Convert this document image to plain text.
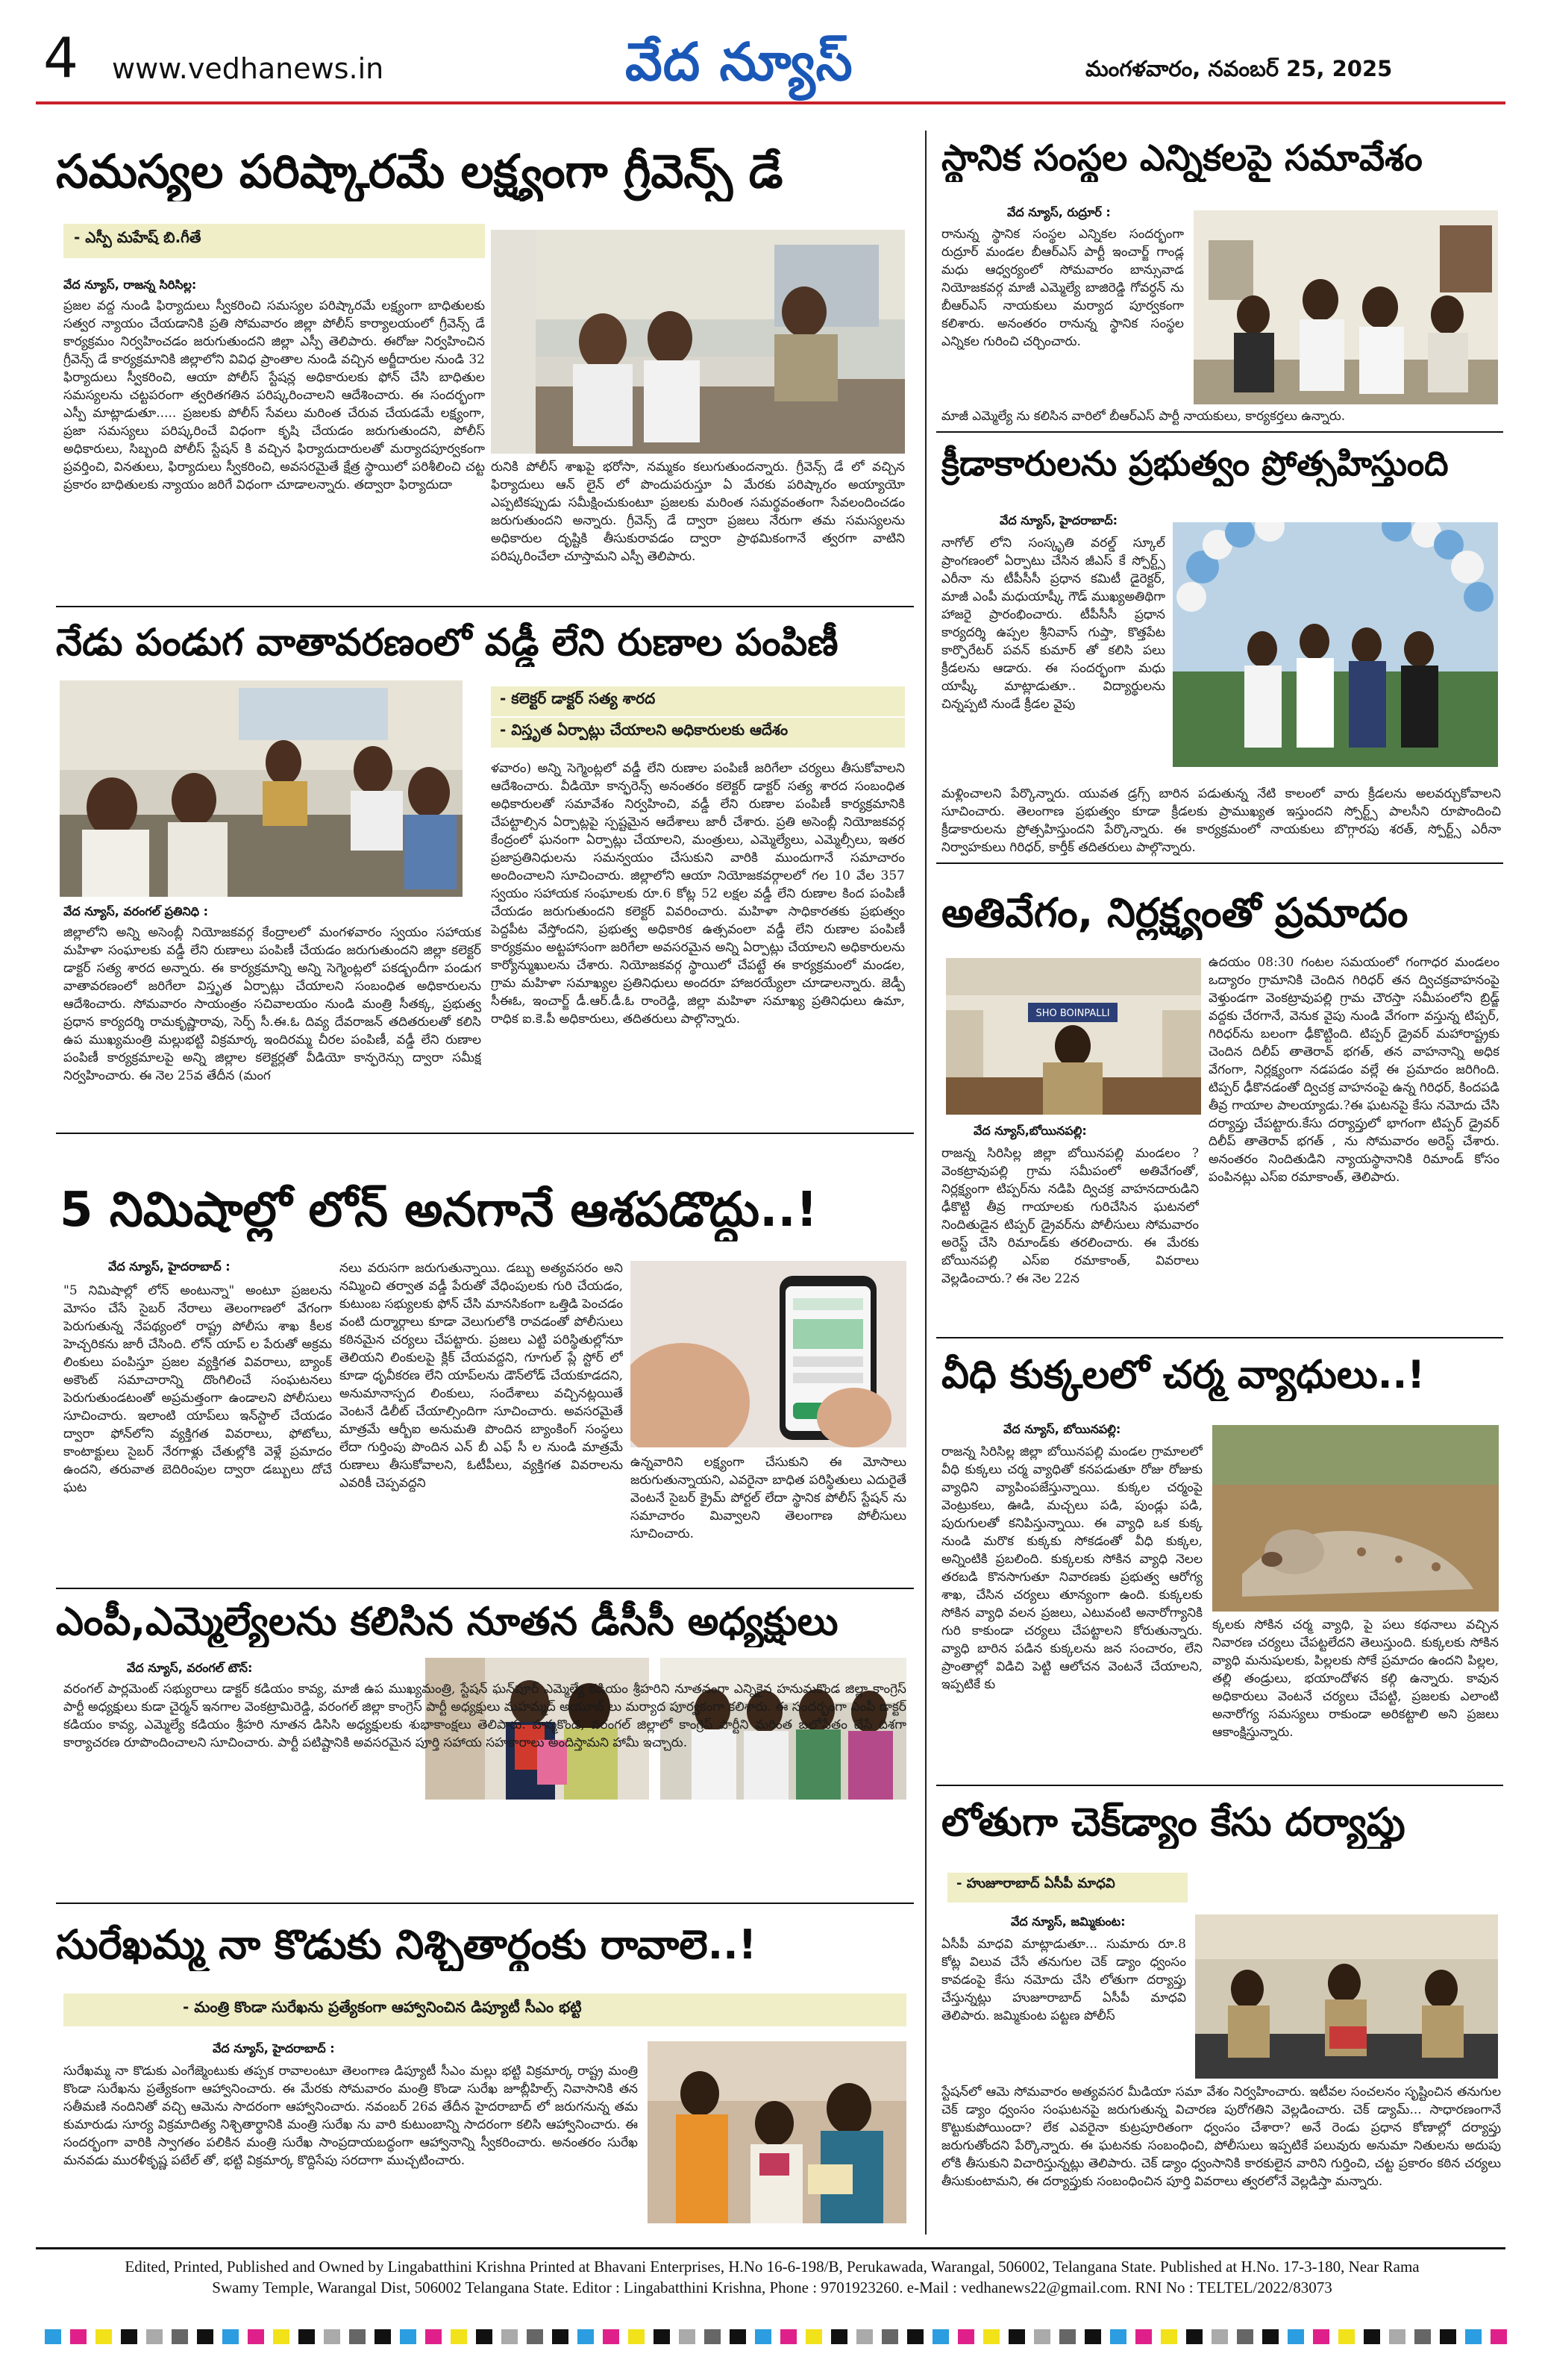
4 www.vedhanews.in	వేద న్యూస్	మంగళవారం, నవంబర్ 25, 2025
సమస్యల పరిష్కారమే లక్ష్యంగా గ్రీవెన్స్ డే
- ఎస్పీ మహేష్ బి.గీతే
వేద న్యూస్, రాజన్న సిరిసిల్ల:
ప్రజల వద్ద నుండి ఫిర్యాదులు స్వీకరించి సమస్యల పరిష్కారమే లక్ష్యంగా బాధితులకు సత్వర న్యాయం చేయడానికి ప్రతి సోమవారం జిల్లా పోలీస్ కార్యాలయంలో గ్రీవెన్స్ డే కార్యక్రమం నిర్వహించడం జరుగుతుందని జిల్లా ఎస్పీ తెలిపారు. ఈరోజు నిర్వహించిన గ్రీవెన్స్ డే కార్యక్రమానికి జిల్లాలోని వివిధ ప్రాంతాల నుండి వచ్చిన అర్జీదారుల నుండి 32 ఫిర్యాదులు స్వీకరించి, ఆయా పోలీస్ స్టేషన్ల అధికారులకు ఫోన్ చేసి బాధితుల సమస్యలను చట్టపరంగా త్వరితగతిన పరిష్కరించాలని ఆదేశించారు. ఈ సందర్భంగా ఎస్పీ మాట్లాడుతూ..... ప్రజలకు పోలీస్ సేవలు మరింత చేరువ చేయడమే లక్ష్యంగా, ప్రజా సమస్యలు పరిష్కరించే విధంగా కృషి చేయడం జరుగుతుందని, పోలీస్ అధికారులు, సిబ్బంది పోలీస్ స్టేషన్ కి వచ్చిన ఫిర్యాదుదారులతో మర్యాదపూర్వకంగా ప్రవర్తించి, వినతులు, ఫిర్యాదులు స్వీకరించి, అవసరమైతే క్షేత్ర స్థాయిలో పరిశీలించి చట్ట ప్రకారం బాధితులకు న్యాయం జరిగే విధంగా చూడాలన్నారు. తద్వారా ఫిర్యాదుదా
రునికి పోలీస్ శాఖపై భరోసా, నమ్మకం కలుగుతుందన్నారు. గ్రీవెన్స్ డే లో వచ్చిన ఫిర్యాదులు ఆన్ లైన్ లో పొందుపరుస్తూ ఏ మేరకు పరిష్కారం అయ్యాయో ఎప్పటికప్పుడు సమీక్షించుకుంటూ ప్రజలకు మరింత సమర్థవంతంగా సేవలందించడం జరుగుతుందని అన్నారు. గ్రీవెన్స్ డే ద్వారా ప్రజలు నేరుగా తమ సమస్యలను అధికారుల దృష్టికి తీసుకురావడం ద్వారా ప్రాథమికంగానే త్వరగా వాటిని పరిష్కరించేలా చూస్తామని ఎస్పీ తెలిపారు.
నేడు పండుగ వాతావరణంలో వడ్డీ లేని రుణాల పంపిణీ
- కలెక్టర్ డాక్టర్ సత్య శారద
- విస్తృత ఏర్పాట్లు చేయాలని అధికారులకు ఆదేశం
ళవారం) అన్ని సెగ్మెంట్లలో వడ్డీ లేని రుణాల పంపిణీ జరిగేలా చర్యలు తీసుకోవాలని ఆదేశించారు. వీడియో కాన్ఫరెన్స్ అనంతరం కలెక్టర్ డాక్టర్ సత్య శారద సంబంధిత అధికారులతో సమావేశం నిర్వహించి, వడ్డీ లేని రుణాల పంపిణీ కార్యక్రమానికి చేపట్టాల్సిన ఏర్పాట్లపై స్పష్టమైన ఆదేశాలు జారీ చేశారు. ప్రతి అసెంబ్లీ నియోజకవర్గ కేంద్రంలో ఘనంగా ఏర్పాట్లు చేయాలని, మంత్రులు, ఎమ్మెల్యేలు, ఎమ్మెల్సీలు, ఇతర ప్రజాప్రతినిధులను సమన్వయం చేసుకుని వారికి ముందుగానే సమాచారం అందించాలని సూచించారు. జిల్లాలోని ఆయా నియోజకవర్గాలలో గల 10 వేల 357 స్వయం సహాయక సంఘాలకు రూ.6 కోట్ల 52 లక్షల వడ్డీ లేని రుణాల కింద పంపిణీ చేయడం జరుగుతుందని కలెక్టర్ వివరించారు. మహిళా సాధికారతకు ప్రభుత్వం పెద్దపీట వేస్తోందని, ప్రభుత్వ అధికారిక ఉత్సవంలా వడ్డీ లేని రుణాల పంపిణీ కార్యక్రమం అట్టహాసంగా జరిగేలా అవసరమైన అన్ని ఏర్పాట్లు చేయాలని అధికారులను కార్యోన్ముఖులను చేశారు. నియోజకవర్గ స్థాయిలో చేపట్టే ఈ కార్యక్రమంలో మండల, గ్రామ మహిళా సమాఖ్యల ప్రతినిధులు అందరూ హాజరయ్యేలా చూడాలన్నారు. జెడ్పీ సీఈఓ, ఇంచార్జ్ డీ.ఆర్.డీ.ఓ రాంరెడ్డి, జిల్లా మహిళా సమాఖ్య ప్రతినిధులు ఉమా, రాధిక ఐ.కె.పీ అధికారులు, తదితరులు పాల్గొన్నారు.
వేద న్యూస్, వరంగల్ ప్రతినిధి :
జిల్లాలోని అన్ని అసెంబ్లీ నియోజకవర్గ కేంద్రాలలో మంగళవారం స్వయం సహాయక మహిళా సంఘాలకు వడ్డీ లేని రుణాలు పంపిణీ చేయడం జరుగుతుందని జిల్లా కలెక్టర్ డాక్టర్ సత్య శారద అన్నారు. ఈ కార్యక్రమాన్ని అన్ని సెగ్మెంట్లలో పకడ్బందీగా పండుగ వాతావరణంలో జరిగేలా విస్తృత ఏర్పాట్లు చేయాలని సంబంధిత అధికారులను ఆదేశించారు. సోమవారం సాయంత్రం సచివాలయం నుండి మంత్రి సీతక్క, ప్రభుత్వ ప్రధాన కార్యదర్శి రామకృష్ణారావు, సెర్ప్ సీ.ఈ.ఓ దివ్య దేవరాజన్ తదితరులతో కలిసి ఉప ముఖ్యమంత్రి మల్లుభట్టి విక్రమార్క ఇందిరమ్మ చీరల పంపిణీ, వడ్డీ లేని రుణాల పంపిణీ కార్యక్రమాలపై అన్ని జిల్లాల కలెక్టర్లతో వీడియో కాన్ఫరెన్సు ద్వారా సమీక్ష నిర్వహించారు. ఈ నెల 25వ తేదీన (మంగ
5 నిమిషాల్లో లోన్ అనగానే ఆశపడొద్దు..!
వేద న్యూస్, హైదరాబాద్ :
"5 నిమిషాల్లో లోన్ అంటున్నా" అంటూ ప్రజలను మోసం చేసే సైబర్ నేరాలు తెలంగాణలో వేగంగా పెరుగుతున్న నేపథ్యంలో రాష్ట్ర పోలీసు శాఖ కీలక హెచ్చరికను జారీ చేసింది. లోన్ యాప్ ల పేరుతో అక్రమ లింకులు పంపిస్తూ ప్రజల వ్యక్తిగత వివరాలు, బ్యాంక్ అకౌంట్ సమాచారాన్ని దొంగిలించే సంఘటనలు పెరుగుతుండటంతో అప్రమత్తంగా ఉండాలని పోలీసులు సూచించారు. ఇలాంటి యాప్‌లు ఇన్‌స్టాల్ చేయడం ద్వారా ఫోన్‌లోని వ్యక్తిగత వివరాలు, ఫోటోలు, కాంటాక్టులు సైబర్ నేరగాళ్లు చేతుల్లోకి వెళ్లే ప్రమాదం ఉందని, తరువాత బెదిరింపుల ద్వారా డబ్బులు దోచే ఘట
నలు వరుసగా జరుగుతున్నాయి. డబ్బు అత్యవసరం అని నమ్మించి తర్వాత వడ్డీ పేరుతో వేధింపులకు గురి చేయడం, కుటుంబ సభ్యులకు ఫోన్ చేసి మానసికంగా ఒత్తిడి పెంచడం వంటి దుర్మార్గాలు కూడా వెలుగులోకి రావడంతో పోలీసులు కఠినమైన చర్యలు చేపట్టారు. ప్రజలు ఎట్టి పరిస్థితుల్లోనూ తెలియని లింకులపై క్లిక్ చేయవద్దని, గూగుల్ ప్లే స్టోర్ లో కూడా ధృవీకరణ లేని యాప్‌లను డౌన్‌లోడ్ చేయకూడదని, అనుమానాస్పద లింకులు, సందేశాలు వచ్చినట్లయితే వెంటనే డిలీట్ చేయాల్సిందిగా సూచించారు. అవసరమైతే మాత్రమే ఆర్బీఐ అనుమతి పొందిన బ్యాంకింగ్ సంస్థలు లేదా గుర్తింపు పొందిన ఎన్ బీ ఎఫ్ సీ ల నుండి మాత్రమే రుణాలు తీసుకోవాలని, ఓటీపీలు, వ్యక్తిగత వివరాలను ఎవరికీ చెప్పవద్దని
ఉన్నవారిని లక్ష్యంగా చేసుకుని ఈ మోసాలు జరుగుతున్నాయని, ఎవరైనా బాధిత పరిస్థితులు ఎదురైతే వెంటనే సైబర్ క్రైమ్ పోర్టల్ లేదా స్థానిక పోలీస్ స్టేషన్ ను సమాచారం మివ్వాలని తెలంగాణ పోలీసులు సూచించారు.
ఎంపీ,ఎమ్మెల్యేలను కలిసిన నూతన డీసీసీ అధ్యక్షులు
వేద న్యూస్, వరంగల్ టౌన్:
వరంగల్ పార్లమెంట్ సభ్యురాలు డాక్టర్ కడియం కావ్య, మాజీ ఉప ముఖ్యమంత్రి, స్టేషన్ ఘన్‌పూర్ ఎమ్మెల్యే కడియం శ్రీహరిని నూతనంగా ఎన్నికైన హనుమకొండ జిల్లా కాంగ్రెస్ పార్టీ అధ్యక్షులు కుడా చైర్మన్ ఇనగాల వెంకట్రామిరెడ్డి, వరంగల్ జిల్లా కాంగ్రెస్ పార్టీ అధ్యక్షులు మహమ్మద్ అయూబ్ లు మర్యాద పూర్వకంగా కలిశారు. ఈ సందర్భంగా ఎంపీ డాక్టర్ కడియం కావ్య, ఎమ్మెల్యే కడియం శ్రీహరి నూతన డిసిసి అధ్యక్షులకు శుభాకాంక్షలు తెలిపారు. హన్మకొండ, వరంగల్ జిల్లాలో కాంగ్రెస్ పార్టీని మరింత బలోపేతం చేసే దిశగా కార్యాచరణ రూపొందించాలని సూచించారు. పార్టీ పటిష్టానికి అవసరమైన పూర్తి సహాయ సహకారాలు అందిస్తామని హామీ ఇచ్చారు.
సురేఖమ్మ నా కొడుకు నిశ్చితార్థంకు రావాలె..!
- మంత్రి కొండా సురేఖను ప్రత్యేకంగా ఆహ్వానించిన డిప్యూటీ సీఎం భట్టి
వేద న్యూస్, హైదరాబాద్ :
సురేఖమ్మ నా కొడుకు ఎంగేజ్మెంటుకు తప్పక రావాలంటూ తెలంగాణ డిప్యూటీ సీఎం మల్లు భట్టి విక్రమార్క రాష్ట్ర మంత్రి కొండా సురేఖను ప్రత్యేకంగా ఆహ్వానించారు. ఈ మేరకు సోమవారం మంత్రి కొండా సురేఖ జూబ్లీహిల్స్ నివాసానికి తన సతీమణి నందినితో వచ్చి ఆమెను సాదరంగా ఆహ్వానించారు. నవంబర్ 26వ తేదీన హైదరాబాద్ లో జరుగనున్న తమ కుమారుడు సూర్య విక్రమాదిత్య నిశ్చితార్థానికి మంత్రి సురేఖ ను వారి కుటుంబాన్ని సాదరంగా కలిసి ఆహ్వానించారు. ఈ సందర్భంగా వారికి స్వాగతం పలికిన మంత్రి సురేఖ సాంప్రదాయబద్ధంగా ఆహ్వానాన్ని స్వీకరించారు. అనంతరం సురేఖ మనవడు మురళీకృష్ణ పటేల్ తో, భట్టి విక్రమార్క కొద్దిసేపు సరదాగా ముచ్చటించారు.
స్థానిక సంస్థల ఎన్నికలపై సమావేశం
వేద న్యూస్, రుద్రూర్ :
రానున్న స్థానిక సంస్థల ఎన్నికల సందర్భంగా రుద్రూర్ మండల బీఆర్ఎస్ పార్టీ ఇంచార్జ్ గాండ్ల మధు ఆధ్వర్యంలో సోమవారం బాన్సువాడ నియోజకవర్గ మాజీ ఎమ్మెల్యే బాజిరెడ్డి గోవర్ధన్ ను బీఆర్ఎస్ నాయకులు మర్యాద పూర్వకంగా కలిశారు. అనంతరం రానున్న స్థానిక సంస్థల ఎన్నికల గురించి చర్చించారు.
మాజీ ఎమ్మెల్యే ను కలిసిన వారిలో బీఆర్ఎస్ పార్టీ నాయకులు, కార్యకర్తలు ఉన్నారు.
క్రీడాకారులను ప్రభుత్వం ప్రోత్సహిస్తుంది
వేద న్యూస్, హైదరాబాద్:
నాగోల్ లోని సంస్కృతి వరల్డ్ స్కూల్ ప్రాంగణంలో ఏర్పాటు చేసిన జీఎస్ కే స్పోర్ట్స్ ఎరీనా ను టీపీసీసీ ప్రధాన కమిటీ డైరెక్టర్, మాజీ ఎంపీ మధుయాష్కీ గౌడ్ ముఖ్యఅతిథిగా హాజరై ప్రారంభించారు. టీపీసీసీ ప్రధాన కార్యదర్శి ఉప్పల శ్రీనివాస్ గుప్తా, కొత్తపేట కార్పొరేటర్ పవన్ కుమార్ తో కలిసి పలు క్రీడలను ఆడారు. ఈ సందర్భంగా మధు యాష్కీ మాట్లాడుతూ.. విద్యార్థులను చిన్నప్పటి నుండే క్రీడల వైపు
మళ్లించాలని పేర్కొన్నారు. యువత డ్రగ్స్ బారిన పడుతున్న నేటి కాలంలో వారు క్రీడలను అలవర్చుకోవాలని సూచించారు. తెలంగాణ ప్రభుత్వం కూడా క్రీడలకు ప్రాముఖ్యత ఇస్తుందని స్పోర్ట్స్ పాలసీని రూపొందించి క్రీడాకారులను ప్రోత్సహిస్తుందని పేర్కొన్నారు. ఈ కార్యక్రమంలో నాయకులు బొగ్గారపు శరత్, స్పోర్ట్స్ ఎరీనా నిర్వాహకులు గిరిధర్, కార్తీక్ తదితరులు పాల్గొన్నారు.
అతివేగం, నిర్లక్ష్యంతో ప్రమాదం
SHO BOINPALLI
వేద న్యూస్,బోయినపల్లి:
రాజన్న సిరిసిల్ల జిల్లా బోయినపల్లి మండలం ?వెంకట్రావుపల్లి గ్రామ సమీపంలో అతివేగంతో, నిర్లక్ష్యంగా టిప్పర్‌ను నడిపి ద్విచక్ర వాహనదారుడిని ఢీకొట్టి తీవ్ర గాయాలకు గురిచేసిన ఘటనలో నిందితుడైన టిప్పర్ డ్రైవర్‌ను పోలీసులు సోమవారం అరెస్ట్ చేసి రిమాండ్‌కు తరలించారు. ఈ మేరకు బోయినపల్లి ఎస్ఐ రమాకాంత్, వివరాలు వెల్లడించారు.? ఈ నెల 22న
ఉదయం 08:30 గంటల సమయంలో గంగాధర మండలం ఒద్యారం గ్రామానికి చెందిన గిరిధర్ తన ద్విచక్రవాహనంపై వెళ్తుండగా వెంకట్రావుపల్లి గ్రామ చౌరస్తా సమీపంలోని బ్రిడ్జ్ వద్దకు చేరగానే, వెనుక వైపు నుండి వేగంగా వస్తున్న టిప్పర్, గిరిధర్‌ను బలంగా ఢీకొట్టింది. టిప్పర్ డ్రైవర్ మహారాష్ట్రకు చెందిన దిలీప్ తాతెరావ్ భగత్, తన వాహనాన్ని అధిక వేగంగా, నిర్లక్ష్యంగా నడపడం వల్లే ఈ ప్రమాదం జరిగింది. టిప్పర్ ఢీకొనడంతో ద్విచక్ర వాహనంపై ఉన్న గిరిధర్, కిందపడి తీవ్ర గాయాల పాలయ్యాడు.?ఈ ఘటనపై కేసు నమోదు చేసి దర్యాప్తు చేపట్టారు.కేసు దర్యాప్తులో భాగంగా టిప్పర్ డ్రైవర్ దిలీప్ తాతెరావ్ భగత్ , ను సోమవారం అరెస్ట్ చేశారు. అనంతరం నిందితుడిని న్యాయస్థానానికి రిమాండ్ కోసం పంపినట్లు ఎస్ఐ రమాకాంత్, తెలిపారు.
వీధి కుక్కలలో చర్మ వ్యాధులు..!
వేద న్యూస్, బోయినపల్లి:
రాజన్న సిరిసిల్ల జిల్లా బోయినపల్లి మండల గ్రామాలలో వీధి కుక్కలు చర్మ వ్యాధితో కనపడుతూ రోజు రోజుకు వ్యాధిని వ్యాపింపజేస్తున్నాయి. కుక్కల చర్మంపై వెంట్రుకలు, ఊడి, మచ్చలు పడి, పుండ్లు పడి, పురుగులతో కనిపిస్తున్నాయి. ఈ వ్యాధి ఒక కుక్క నుండి మరొక కుక్కకు సోకడంతో వీధి కుక్కల, అన్నింటికి ప్రబలింది. కుక్కలకు సోకిన వ్యాధి నెలల తరబడి కొనసాగుతూ నివారణకు ప్రభుత్వ ఆరోగ్య శాఖ, చేసిన చర్యలు తూన్యంగా ఉంది. కుక్కలకు సోకిన వ్యాధి వలన ప్రజలు, ఎటువంటి అనారోగ్యానికి గురి కాకుండా చర్యలు చేపట్టాలని కోరుతున్నారు. వ్యాధి బారిన పడిన కుక్కలను జన సంచారం, లేని ప్రాంతాల్లో విడిచి పెట్టి ఆలోచన వెంటనే చేయాలని, ఇప్పటికే కు
క్కలకు సోకిన చర్మ వ్యాధి, పై పలు కథనాలు వచ్చిన నివారణ చర్యలు చేపట్టలేదని తెలుస్తుంది. కుక్కలకు సోకిన వ్యాధి మనుషులకు, పిల్లలకు సోకే ప్రమాదం ఉందని పిల్లల, తల్లి తండ్రులు, భయాందోళన కల్గి ఉన్నారు. కావున అధికారులు వెంటనే చర్యలు చేపట్టి, ప్రజలకు ఎలాంటి అనారోగ్య సమస్యలు రాకుండా అరికట్టాలి అని ప్రజలు ఆకాంక్షిస్తున్నారు.
లోతుగా చెక్‌డ్యాం కేసు దర్యాప్తు
- హుజూరాబాద్ ఏసీపీ మాధవి
వేద న్యూస్, జమ్మికుంట:
ఏసీపీ మాధవి మాట్లాడుతూ... సుమారు రూ.8 కోట్ల విలువ చేసే తనుగుల చెక్ డ్యాం ధ్వంసం కావడంపై కేసు నమోదు చేసి లోతుగా దర్యాప్తు చేస్తున్నట్లు హుజూరాబాద్ ఏసీపీ మాధవి తెలిపారు. జమ్మికుంట పట్టణ పోలీస్
స్టేషన్‌లో ఆమె సోమవారం అత్యవసర మీడియా సమా వేశం నిర్వహించారు. ఇటీవల సంచలనం సృష్టించిన తనుగుల చెక్ డ్యాం ధ్వంసం సంఘటనపై జరుగుతున్న విచారణ పురోగతిని వెల్లడించారు. చెక్ డ్యామ్... సాధారణంగానే కొట్టుకుపోయిందా? లేక ఎవరైనా కుట్రపూరితంగా ధ్వంసం చేశారా? అనే రెండు ప్రధాన కోణాల్లో దర్యాప్తు జరుగుతోందని పేర్కొన్నారు. ఈ ఘటనకు సంబంధించి, పోలీసులు ఇప్పటికే పలువురు అనుమా నితులను అదుపు లోకి తీసుకుని విచారిస్తున్నట్లు తెలిపారు. చెక్ డ్యాం ధ్వంసానికి కారకులైన వారిని గుర్తించి, చట్ట ప్రకారం కఠిన చర్యలు తీసుకుంటామని, ఈ దర్యాప్తుకు సంబంధించిన పూర్తి వివరాలు త్వరలోనే వెల్లడిస్తా మన్నారు.
Edited, Printed, Published and Owned by Lingabatthini Krishna Printed at Bhavani Enterprises, H.No 16-6-198/B, Perukawada, Warangal, 506002, Telangana State. Published at H.No. 17-3-180, Near Rama
Swamy Temple, Warangal Dist, 506002 Telangana State. Editor : Lingabatthini Krishna, Phone : 9701923260. e-Mail : vedhanews22@gmail.com. RNI No : TELTEL/2022/83073
